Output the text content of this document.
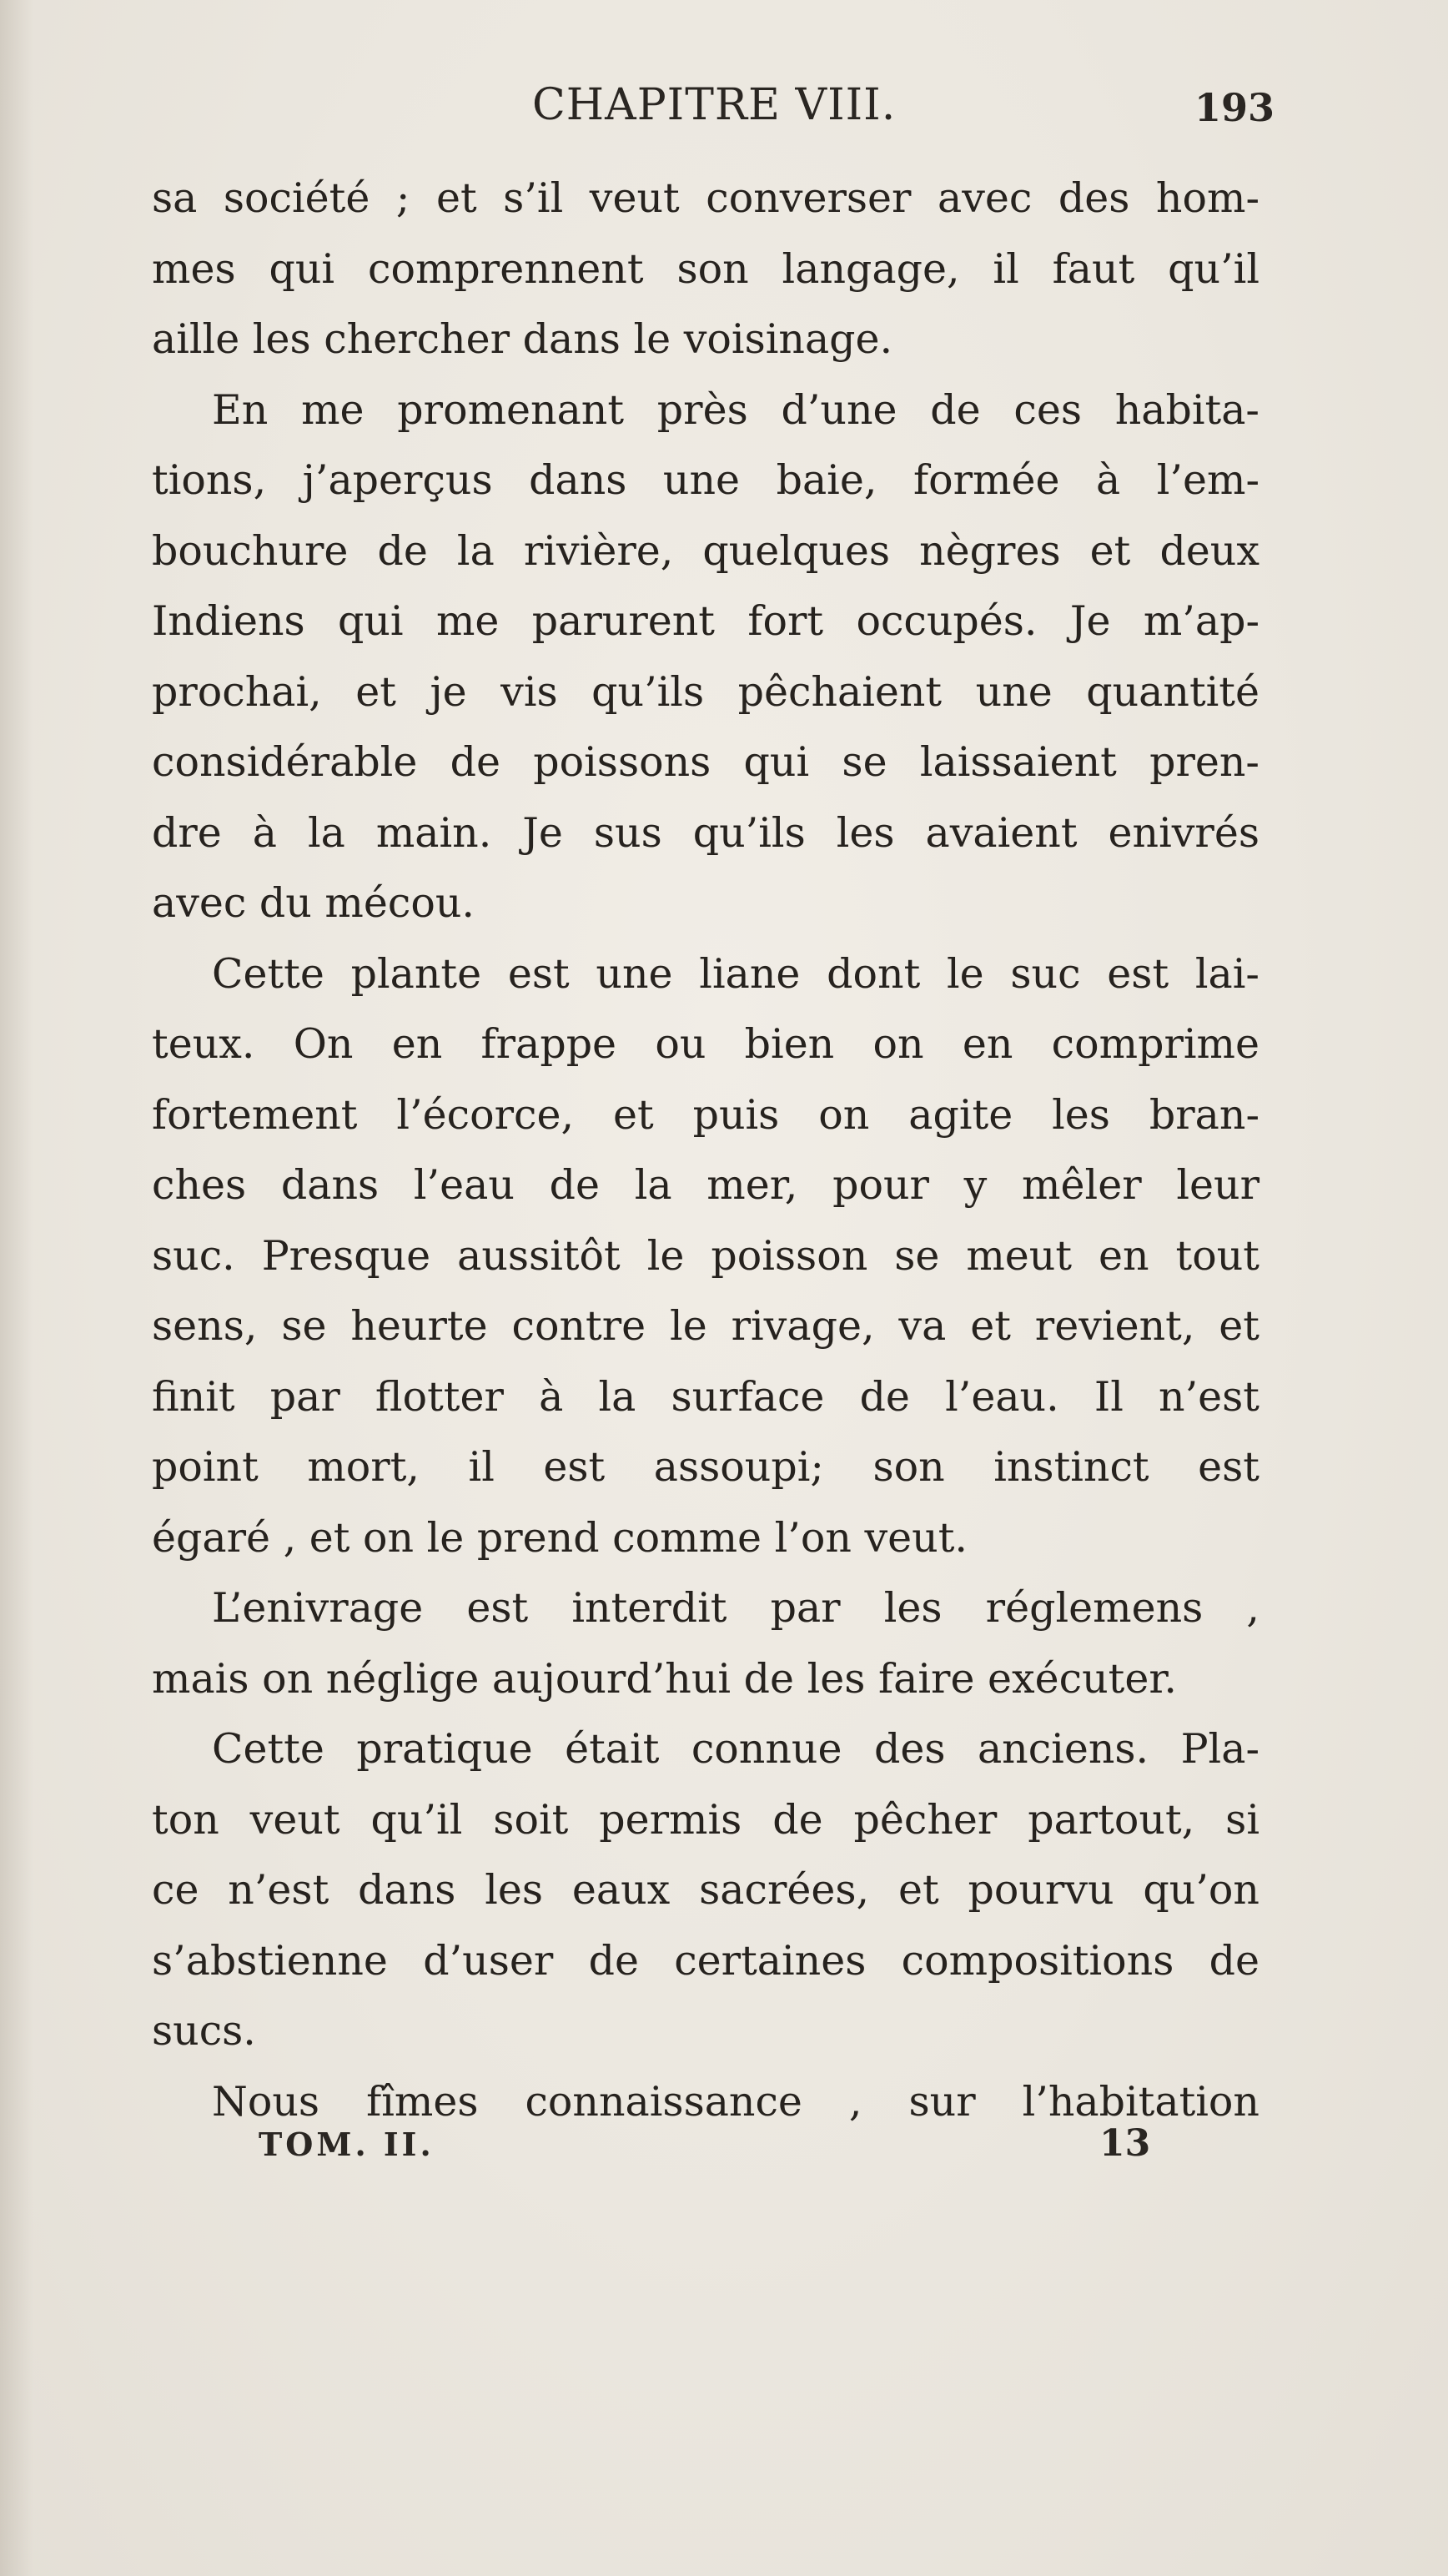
CHAPITRE VIII.	193
sa société ; et s’il veut converser avec des hom-
mes qui comprennent son langage, il faut qu’il
aille les chercher dans le voisinage.
En me promenant près d’une de ces habita-
tions, j’aperçus dans une baie, formée à l’em-
bouchure de la rivière, quelques nègres et deux
Indiens qui me parurent fort occupés. Je m’ap-
prochai, et je vis qu’ils pêchaient une quantité
considérable de poissons qui se laissaient pren-
dre à la main. Je sus qu’ils les avaient enivrés
avec du mécou.
Cette plante est une liane dont le suc est lai-
teux. On en frappe ou bien on en comprime
fortement l’écorce, et puis on agite les bran-
ches dans l’eau de la mer, pour y mêler leur
suc. Presque aussitôt le poisson se meut en tout
sens, se heurte contre le rivage, va et revient, et
finit par flotter à la surface de l’eau. Il n’est
point mort, il est assoupi; son instinct est
égaré , et on le prend comme l’on veut.
L’enivrage est interdit par les réglemens ,
mais on néglige aujourd’hui de les faire exécuter.
Cette pratique était connue des anciens. Pla-
ton veut qu’il soit permis de pêcher partout, si
ce n’est dans les eaux sacrées, et pourvu qu’on
s’abstienne d’user de certaines compositions de
sucs.
Nous fîmes connaissance , sur l’habitation
TOM. II.	13
